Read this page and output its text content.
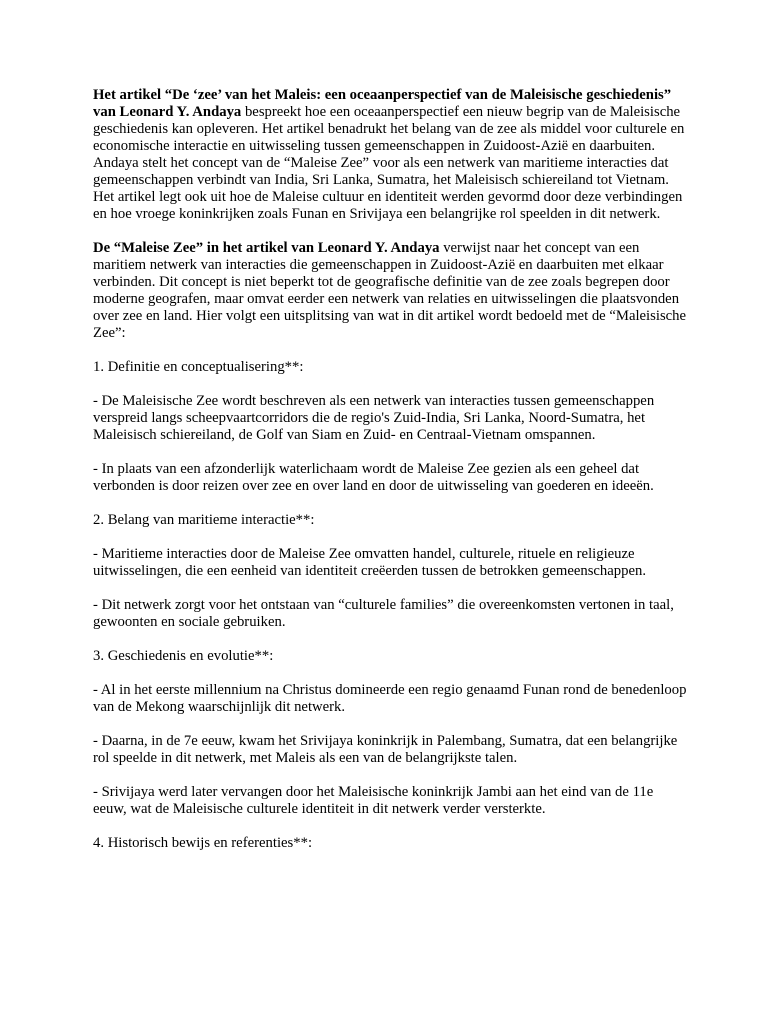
Het artikel “De ‘zee’ van het Maleis: een oceaanperspectief van de Maleisische geschiedenis” van Leonard Y. Andaya bespreekt hoe een oceaanperspectief een nieuw begrip van de Maleisische geschiedenis kan opleveren. Het artikel benadrukt het belang van de zee als middel voor culturele en economische interactie en uitwisseling tussen gemeenschappen in Zuidoost-Azië en daarbuiten. Andaya stelt het concept van de “Maleise Zee” voor als een netwerk van maritieme interacties dat gemeenschappen verbindt van India, Sri Lanka, Sumatra, het Maleisisch schiereiland tot Vietnam. Het artikel legt ook uit hoe de Maleise cultuur en identiteit werden gevormd door deze verbindingen en hoe vroege koninkrijken zoals Funan en Srivijaya een belangrijke rol speelden in dit netwerk.

De “Maleise Zee” in het artikel van Leonard Y. Andaya verwijst naar het concept van een maritiem netwerk van interacties die gemeenschappen in Zuidoost-Azië en daarbuiten met elkaar verbinden. Dit concept is niet beperkt tot de geografische definitie van de zee zoals begrepen door moderne geografen, maar omvat eerder een netwerk van relaties en uitwisselingen die plaatsvonden over zee en land. Hier volgt een uitsplitsing van wat in dit artikel wordt bedoeld met de “Maleisische Zee”:

1. Definitie en conceptualisering**:

- De Maleisische Zee wordt beschreven als een netwerk van interacties tussen gemeenschappen verspreid langs scheepvaartcorridors die de regio's Zuid-India, Sri Lanka, Noord-Sumatra, het Maleisisch schiereiland, de Golf van Siam en Zuid- en Centraal-Vietnam omspannen.

- In plaats van een afzonderlijk waterlichaam wordt de Maleise Zee gezien als een geheel dat verbonden is door reizen over zee en over land en door de uitwisseling van goederen en ideeën.

2. Belang van maritieme interactie**:

- Maritieme interacties door de Maleise Zee omvatten handel, culturele, rituele en religieuze uitwisselingen, die een eenheid van identiteit creëerden tussen de betrokken gemeenschappen.

- Dit netwerk zorgt voor het ontstaan van “culturele families” die overeenkomsten vertonen in taal, gewoonten en sociale gebruiken.

3. Geschiedenis en evolutie**:

- Al in het eerste millennium na Christus domineerde een regio genaamd Funan rond de benedenloop van de Mekong waarschijnlijk dit netwerk.

- Daarna, in de 7e eeuw, kwam het Srivijaya koninkrijk in Palembang, Sumatra, dat een belangrijke rol speelde in dit netwerk, met Maleis als een van de belangrijkste talen.

- Srivijaya werd later vervangen door het Maleisische koninkrijk Jambi aan het eind van de 11e eeuw, wat de Maleisische culturele identiteit in dit netwerk verder versterkte.

4. Historisch bewijs en referenties**:
